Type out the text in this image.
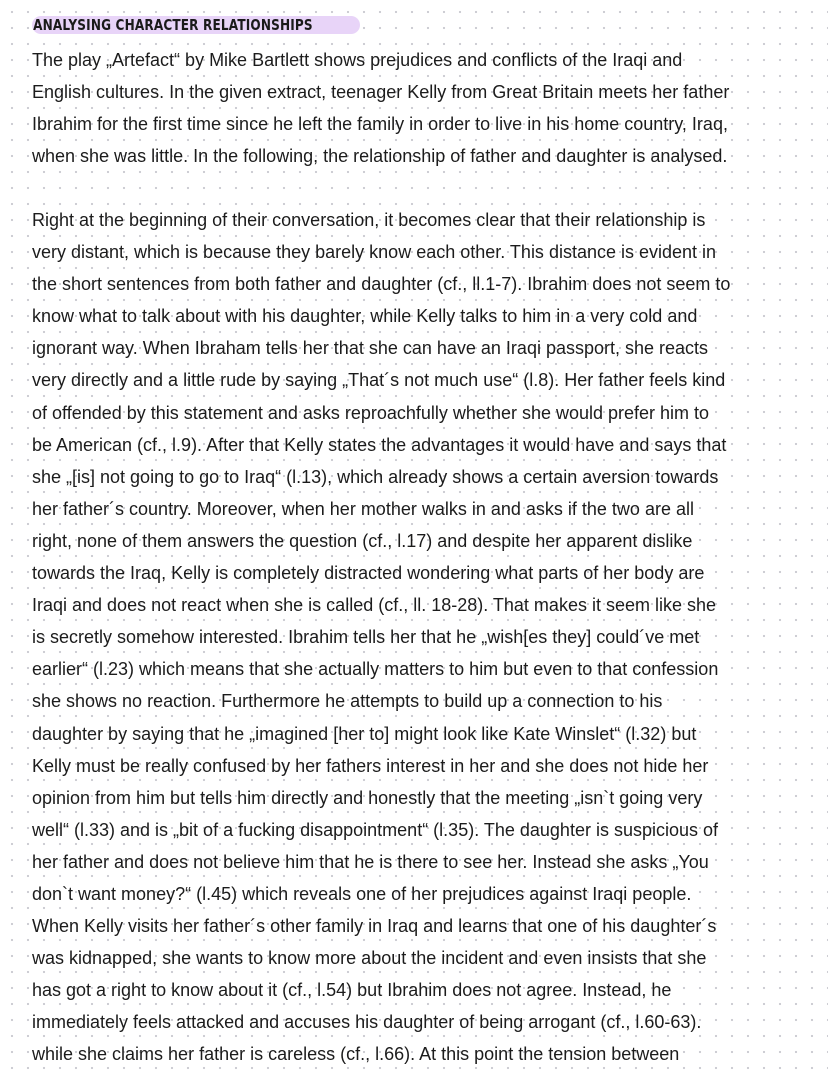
ANALYSING CHARACTER RELATIONSHIPS

The play „Artefact“ by Mike Bartlett shows prejudices and conflicts of the Iraqi and
English cultures. In the given extract, teenager Kelly from Great Britain meets her father
Ibrahim for the first time since he left the family in order to live in his home country, Iraq,
when she was little. In the following, the relationship of father and daughter is analysed.

Right at the beginning of their conversation, it becomes clear that their relationship is
very distant, which is because they barely know each other. This distance is evident in
the short sentences from both father and daughter (cf., ll.1-7). Ibrahim does not seem to
know what to talk about with his daughter, while Kelly talks to him in a very cold and
ignorant way. When Ibraham tells her that she can have an Iraqi passport, she reacts
very directly and a little rude by saying „That´s not much use“ (l.8). Her father feels kind
of offended by this statement and asks reproachfully whether she would prefer him to
be American (cf., l.9). After that Kelly states the advantages it would have and says that
she „[is] not going to go to Iraq“ (l.13), which already shows a certain aversion towards
her father´s country. Moreover, when her mother walks in and asks if the two are all
right, none of them answers the question (cf., l.17) and despite her apparent dislike
towards the Iraq, Kelly is completely distracted wondering what parts of her body are
Iraqi and does not react when she is called (cf., ll. 18-28). That makes it seem like she
is secretly somehow interested. Ibrahim tells her that he „wish[es they] could´ve met
earlier“ (l.23) which means that she actually matters to him but even to that confession
she shows no reaction. Furthermore he attempts to build up a connection to his
daughter by saying that he „imagined [her to] might look like Kate Winslet“ (l.32) but
Kelly must be really confused by her fathers interest in her and she does not hide her
opinion from him but tells him directly and honestly that the meeting „isn`t going very
well“ (l.33) and is „bit of a fucking disappointment“ (l.35). The daughter is suspicious of
her father and does not believe him that he is there to see her. Instead she asks „You
don`t want money?“ (l.45) which reveals one of her prejudices against Iraqi people.
When Kelly visits her father´s other family in Iraq and learns that one of his daughter´s
was kidnapped, she wants to know more about the incident and even insists that she
has got a right to know about it (cf., l.54) but Ibrahim does not agree. Instead, he
immediately feels attacked and accuses his daughter of being arrogant (cf., l.60-63).
while she claims her father is careless (cf., l.66). At this point the tension between
